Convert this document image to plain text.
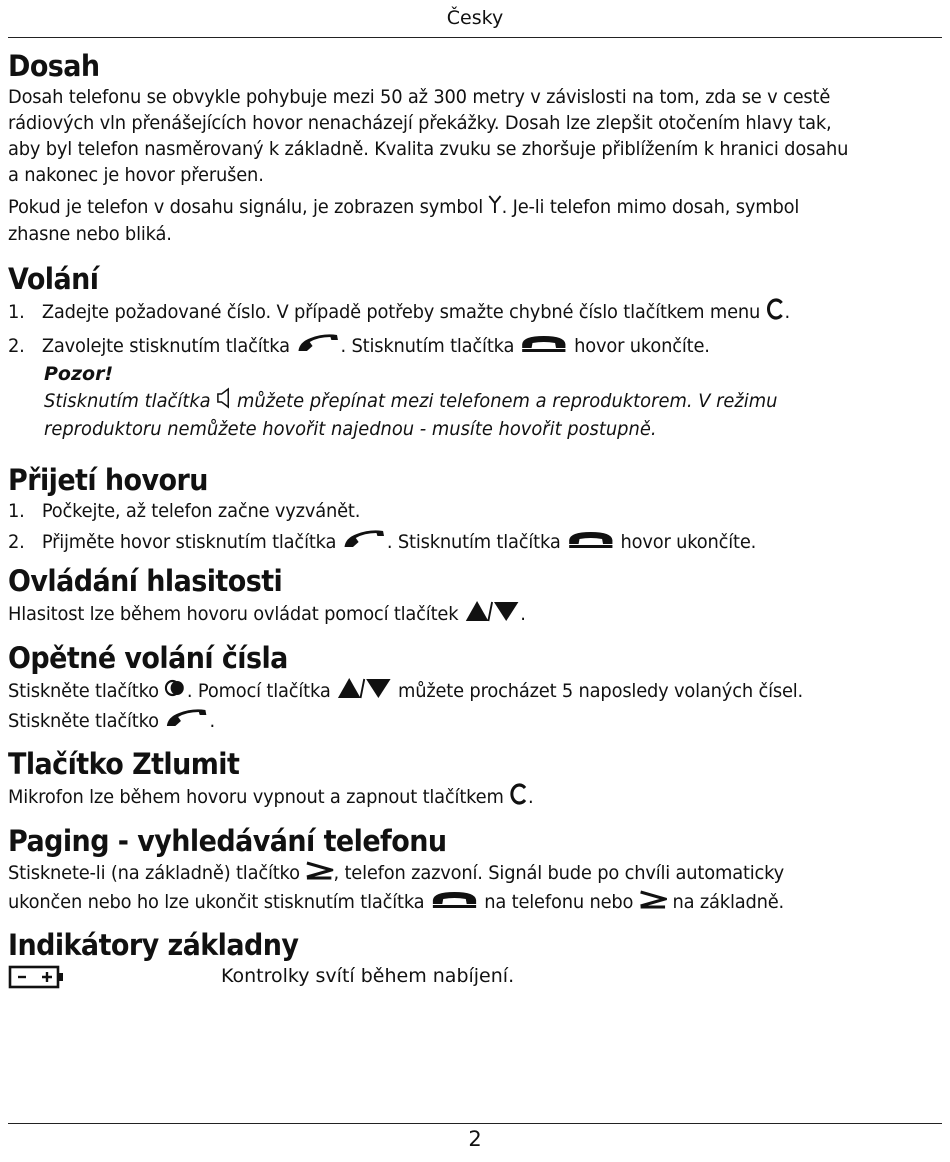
Česky
Dosah

Dosah telefonu se obvykle pohybuje mezi 50 až 300 metry v závislosti na tom, zda se v cestě

rádiových vln přenášejících hovor nenacházejí překážky. Dosah lze zlepšit otočením hlavy tak,

aby byl telefon nasměrovaný k základně. Kvalita zvuku se zhoršuje přiblížením k hranici dosahu

a nakonec je hovor přerušen.

Pokud je telefon v dosahu signálu, je zobrazen symbol . Je-li telefon mimo dosah, symbol

zhasne nebo bliká.

Volání
1. Zadejte požadované číslo. V případě potřeby smažte chybné číslo tlačítkem menu .
2. Zavolejte stisknutím tlačítka	. Stisknutím tlačítka	hovor ukončíte.
Pozor!
Stisknutím tlačítka můžete přepínat mezi telefonem a reproduktorem. V režimu
reproduktoru nemůžete hovořit najednou - musíte hovořit postupně.
Přijetí hovoru
1. Počkejte, až telefon začne vyzvánět.
2. Přijměte hovor stisknutím tlačítka	. Stisknutím tlačítka	hovor ukončíte.
Ovládání hlasitosti

Hlasitost lze během hovoru ovládat pomocí tlačítek	.

Opětné volání čísla

Stiskněte tlačítko . Pomocí tlačítka	můžete procházet 5 naposledy volaných čísel.

Stiskněte tlačítko	.

Tlačítko Ztlumit

Mikrofon lze během hovoru vypnout a zapnout tlačítkem .

Paging - vyhledávání telefonu

Stisknete-li (na základně) tlačítko , telefon zazvoní. Signál bude po chvíli automaticky

ukončen nebo ho lze ukončit stisknutím tlačítka	na telefonu nebo na základně.

Indikátory základny
Kontrolky svítí během nabíjení.
2
